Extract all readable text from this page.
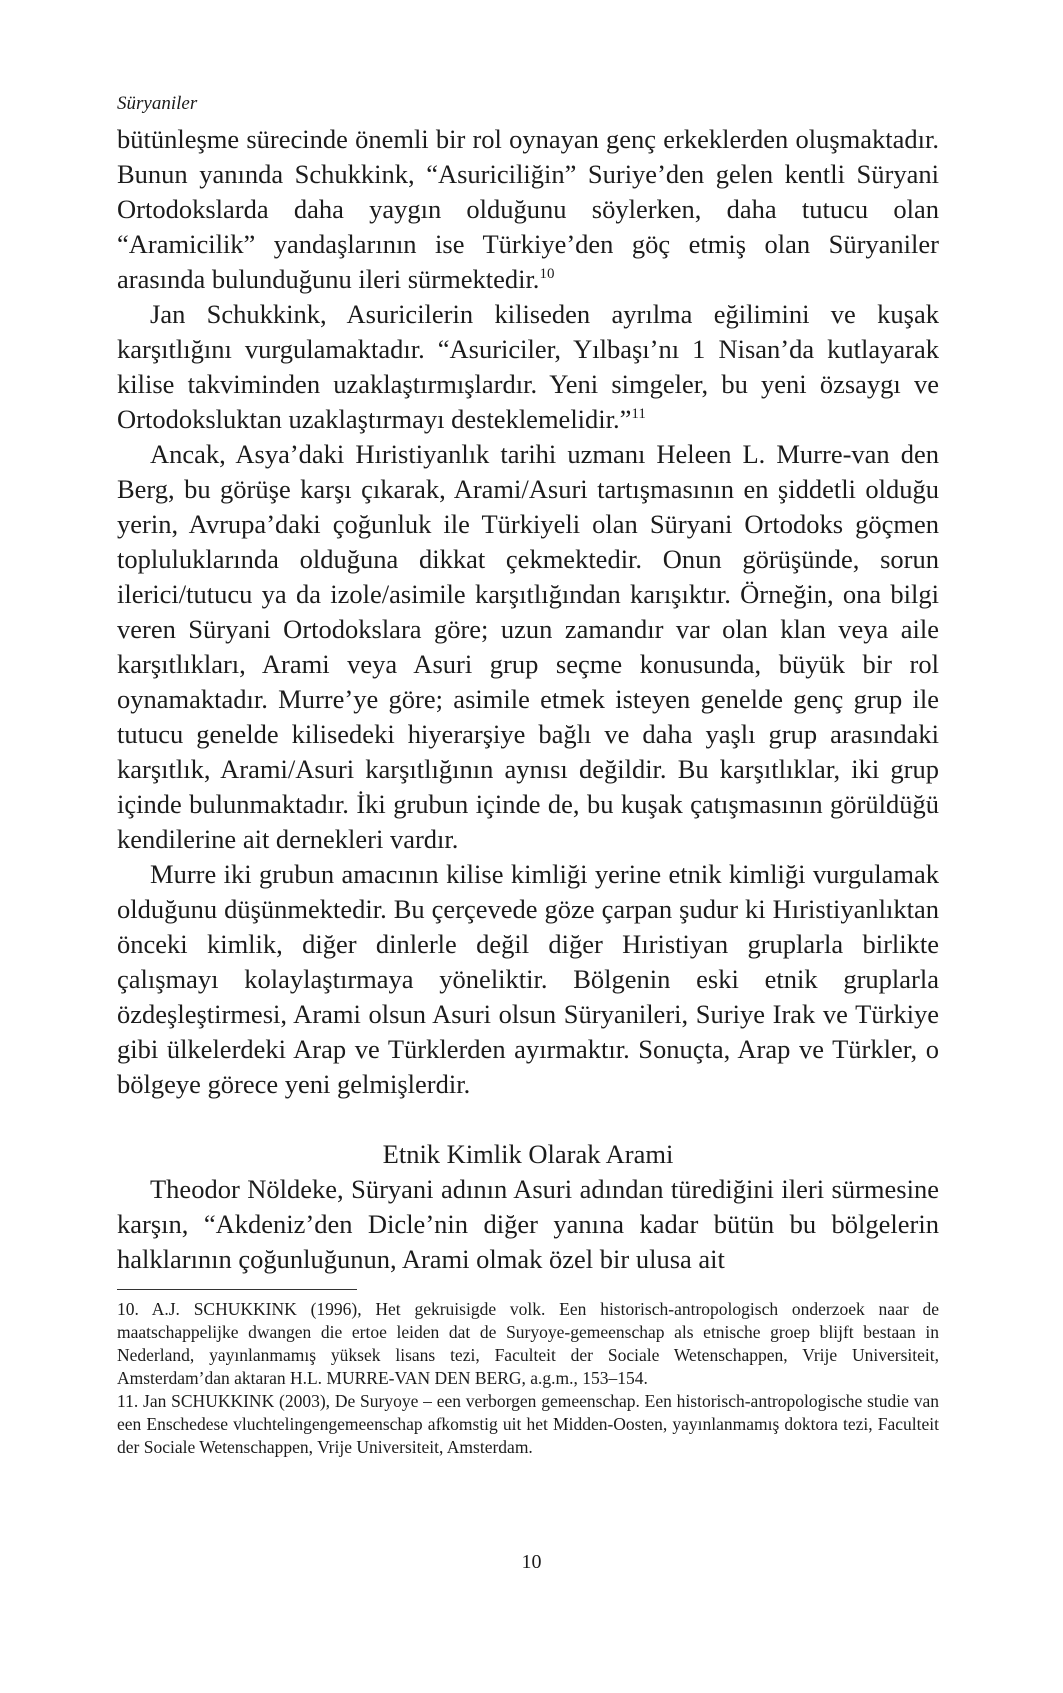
Süryaniler

bütünleşme sürecinde önemli bir rol oynayan genç erkeklerden oluşmaktadır. Bunun yanında Schukkink, “Asuriciliğin” Suriye’den gelen kentli Süryani Ortodokslarda daha yaygın olduğunu söylerken, daha tutucu olan “Aramicilik” yandaşlarının ise Türkiye’den göç etmiş olan Süryaniler arasında bulunduğunu ileri sürmektedir.$^{10}$

Jan Schukkink, Asuricilerin kiliseden ayrılma eğilimini ve kuşak karşıtlığını vurgulamaktadır. “Asuriciler, Yılbaşı’nı 1 Nisan’da kutlayarak kilise takviminden uzaklaştırmışlardır. Yeni simgeler, bu yeni özsaygı ve Ortodoksluktan uzaklaştırmayı desteklemelidir.”$^{11}$

Ancak, Asya’daki Hıristiyanlık tarihi uzmanı Heleen L. Murre-van den Berg, bu görüşe karşı çıkarak, Arami/Asuri tartışmasının en şiddetli olduğu yerin, Avrupa’daki çoğunluk ile Türkiyeli olan Süryani Ortodoks göçmen topluluklarında olduğuna dikkat çekmektedir. Onun görüşünde, sorun ilerici/tutucu ya da izole/asimile karşıtlığından karışıktır. Örneğin, ona bilgi veren Süryani Ortodokslara göre; uzun zamandır var olan klan veya aile karşıtlıkları, Arami veya Asuri grup seçme konusunda, büyük bir rol oynamaktadır. Murre’ye göre; asimile etmek isteyen genelde genç grup ile tutucu genelde kilisedeki hiyerarşiye bağlı ve daha yaşlı grup arasındaki karşıtlık, Arami/Asuri karşıtlığının aynısı değildir. Bu karşıtlıklar, iki grup içinde bulunmaktadır. İki grubun içinde de, bu kuşak çatışmasının görüldüğü kendilerine ait dernekleri vardır.

Murre iki grubun amacının kilise kimliği yerine etnik kimliği vurgulamak olduğunu düşünmektedir. Bu çerçevede göze çarpan şudur ki Hıristiyanlıktan önceki kimlik, diğer dinlerle değil diğer Hıristiyan gruplarla birlikte çalışmayı kolaylaştırmaya yöneliktir. Bölgenin eski etnik gruplarla özdeşleştirmesi, Arami olsun Asuri olsun Süryanileri, Suriye Irak ve Türkiye gibi ülkelerdeki Arap ve Türklerden ayırmaktır. Sonuçta, Arap ve Türkler, o bölgeye görece yeni gelmişlerdir.

Etnik Kimlik Olarak Arami

Theodor Nöldeke, Süryani adının Asuri adından türediğini ileri sürmesine karşın, “Akdeniz’den Dicle’nin diğer yanına kadar bütün bu bölgelerin halklarının çoğunluğunun, Arami olmak özel bir ulusa ait

10. A.J. SCHUKKINK (1996), Het gekruisigde volk. Een historisch-antropologisch onderzoek naar de maatschappelijke dwangen die ertoe leiden dat de Suryoye-gemeenschap als etnische groep blijft bestaan in Nederland, yayınlanmamış yüksek lisans tezi, Faculteit der Sociale Wetenschappen, Vrije Universiteit, Amsterdam’dan aktaran H.L. MURRE-VAN DEN BERG, a.g.m., 153–154.

11. Jan SCHUKKINK (2003), De Suryoye – een verborgen gemeenschap. Een historisch-antropologische studie van een Enschedese vluchtelingengemeenschap afkomstig uit het Midden-Oosten, yayınlanmamış doktora tezi, Faculteit der Sociale Wetenschappen, Vrije Universiteit, Amsterdam.

10
